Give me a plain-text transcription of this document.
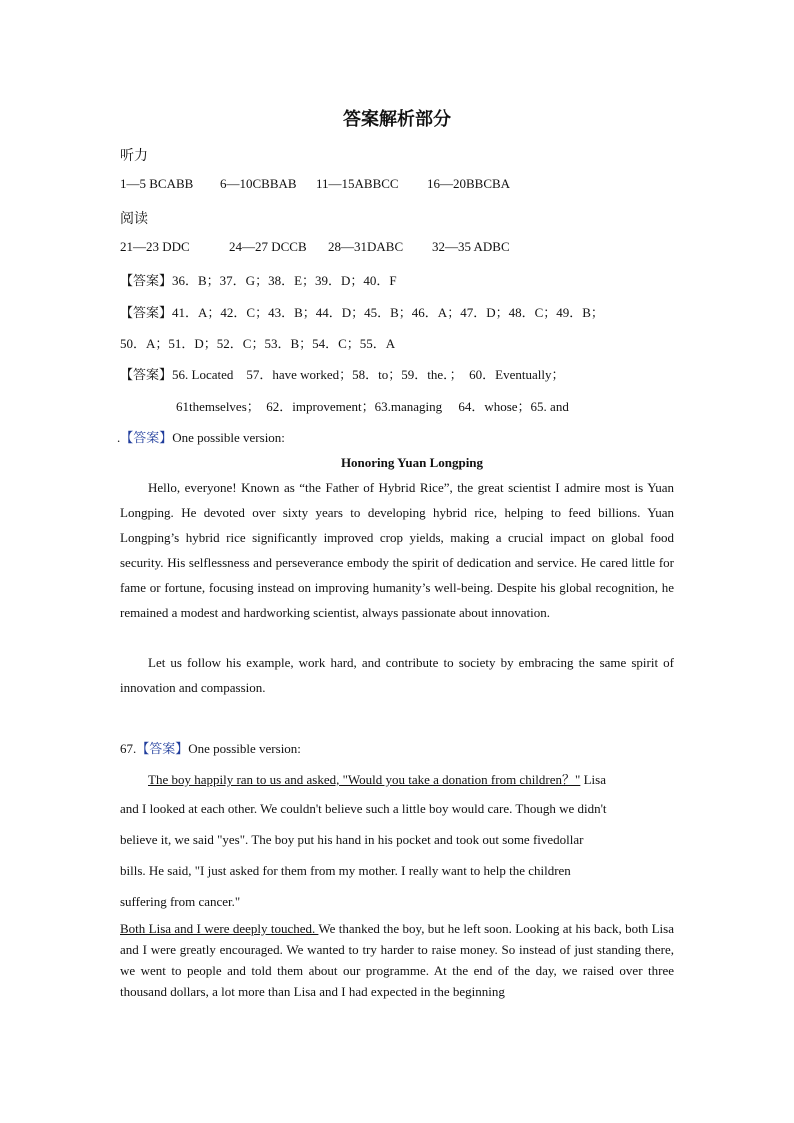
答案解析部分
听力
1—5 BCABB 6—10CBBAB 11—15ABBCC 16—20BBCBA
阅读
21—23 DDC	24—27 DCCB 28—31DABC 32—35 ADBC
【答案】36．B；37．G；38．E；39．D；40．F
【答案】41．A；42．C；43．B；44．D；45．B；46．A；47．D；48．C；49．B；
50．A；51．D；52．C；53．B；54．C；55．A
【答案】56. Located　57．have worked；58．to；59．the．；　60．Eventually；
61themselves；　62．improvement；63.managing　 64．whose；65. and
.【答案】One possible version:
Honoring Yuan Longping
Hello, everyone! Known as “the Father of Hybrid Rice”, the great scientist I admire most is Yuan Longping. He devoted over sixty years to developing hybrid rice, helping to feed billions. Yuan Longping’s hybrid rice significantly improved crop yields, making a crucial impact on global food security. His selflessness and perseverance embody the spirit of dedication and service. He cared little for fame or fortune, focusing instead on improving humanity’s well-being. Despite his global recognition, he remained a modest and hardworking scientist, always passionate about innovation.
Let us follow his example, work hard, and contribute to society by embracing the same spirit of innovation and compassion.
67.【答案】One possible version:
The boy happily ran to us and asked, "Would you take a donation from children？" Lisa
and I looked at each other. We couldn't believe such a little boy would care. Though we didn't
believe it, we said "yes". The boy put his hand in his pocket and took out some fivedollar
bills. He said, "I just asked for them from my mother. I really want to help the children
suffering from cancer."
Both Lisa and I were deeply touched. We thanked the boy, but he left soon. Looking at his back, both Lisa and I were greatly encouraged. We wanted to try harder to raise money. So instead of just standing there, we went to people and told them about our programme. At the end of the day, we raised over three thousand dollars, a lot more than Lisa and I had expected in the beginning
